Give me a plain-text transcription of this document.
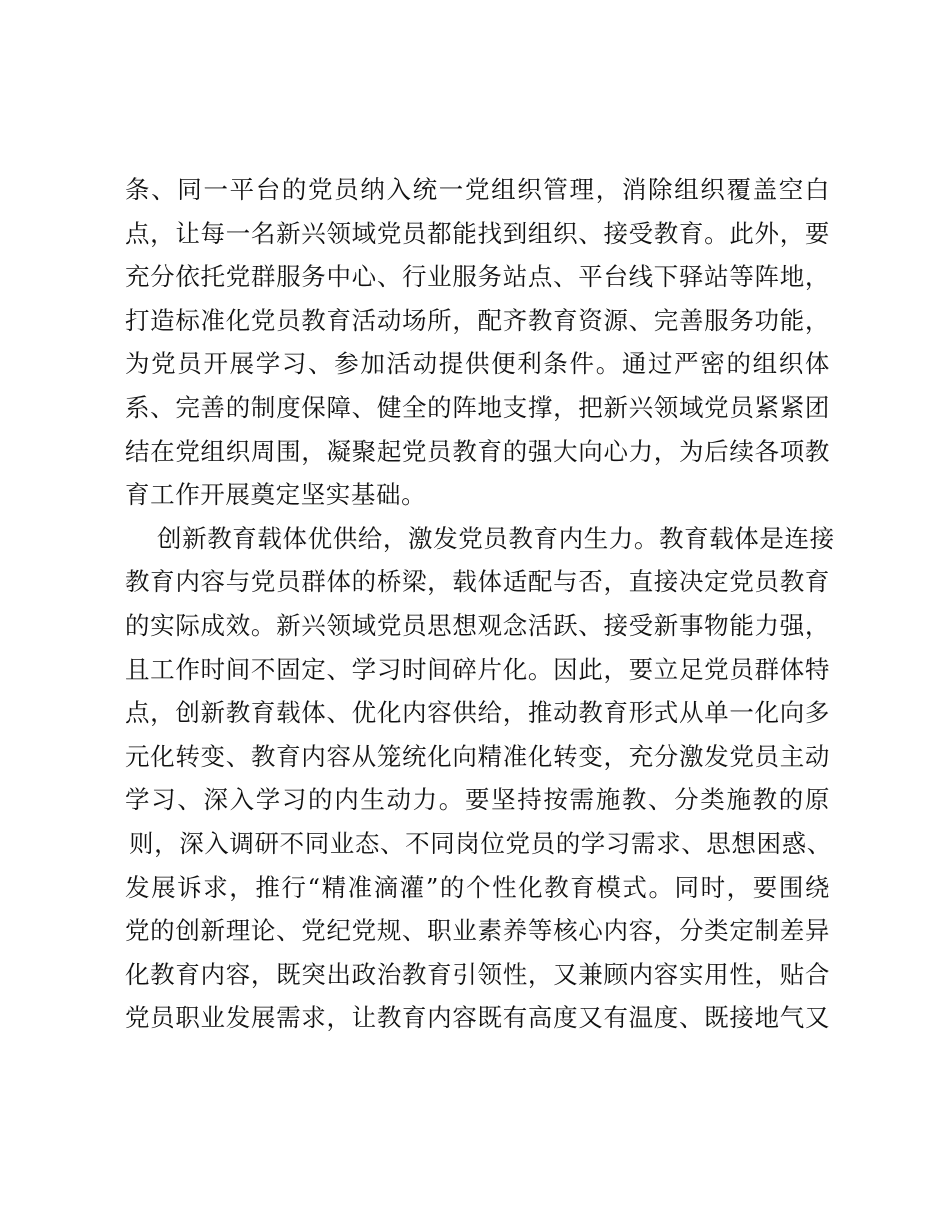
条、同一平台的党员纳入统一党组织管理，消除组织覆盖空白
点，让每一名新兴领域党员都能找到组织、接受教育。此外，要
充分依托党群服务中心、行业服务站点、平台线下驿站等阵地，
打造标准化党员教育活动场所，配齐教育资源、完善服务功能，
为党员开展学习、参加活动提供便利条件。通过严密的组织体
系、完善的制度保障、健全的阵地支撑，把新兴领域党员紧紧团
结在党组织周围，凝聚起党员教育的强大向心力，为后续各项教
育工作开展奠定坚实基础。
创新教育载体优供给，激发党员教育内生力。教育载体是连接
教育内容与党员群体的桥梁，载体适配与否，直接决定党员教育
的实际成效。新兴领域党员思想观念活跃、接受新事物能力强，
且工作时间不固定、学习时间碎片化。因此，要立足党员群体特
点，创新教育载体、优化内容供给，推动教育形式从单一化向多
元化转变、教育内容从笼统化向精准化转变，充分激发党员主动
学习、深入学习的内生动力。要坚持按需施教、分类施教的原
则，深入调研不同业态、不同岗位党员的学习需求、思想困惑、
发展诉求，推行“精准滴灌”的个性化教育模式。同时，要围绕
党的创新理论、党纪党规、职业素养等核心内容，分类定制差异
化教育内容，既突出政治教育引领性，又兼顾内容实用性，贴合
党员职业发展需求，让教育内容既有高度又有温度、既接地气又
